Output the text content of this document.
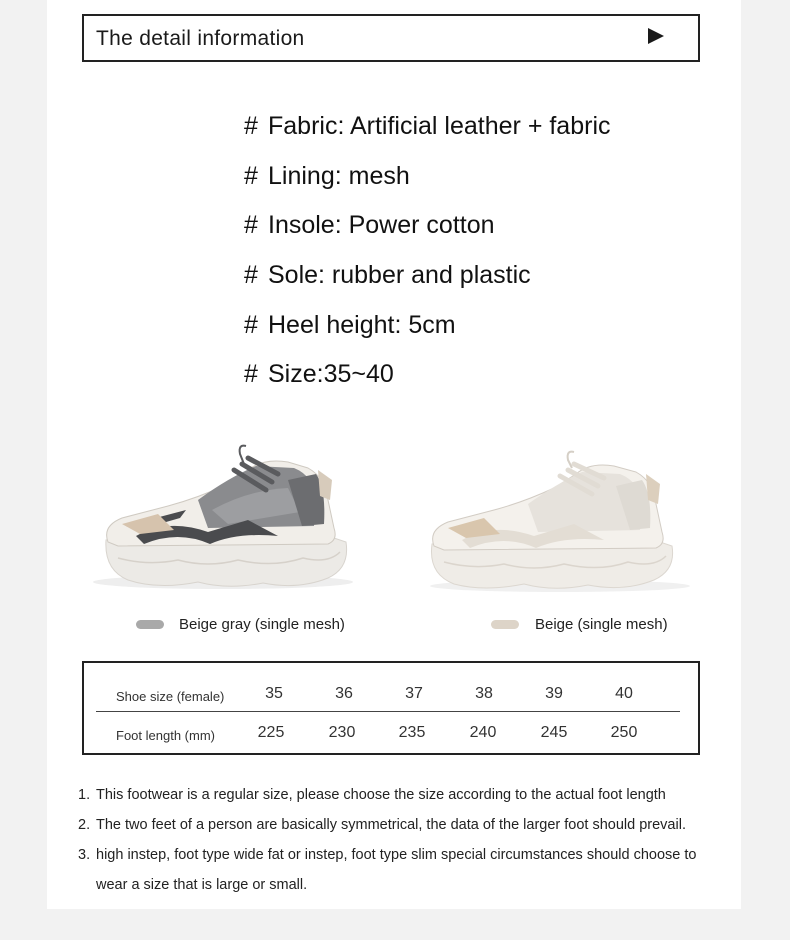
The detail information
# Fabric: Artificial leather + fabric
# Lining: mesh
# Insole: Power cotton
# Sole: rubber and plastic
# Heel height: 5cm
# Size:35~40
Beige gray (single mesh)	Beige (single mesh)
Shoe size (female)	35	36	37	38	39	40
Foot length (mm)	225	230	235	240	245	250
1. This footwear is a regular size, please choose the size according to the actual foot length
2. The two feet of a person are basically symmetrical, the data of the larger foot should prevail.
3. high instep, foot type wide fat or instep, foot type slim special circumstances should choose to wear a size that is large or small.
